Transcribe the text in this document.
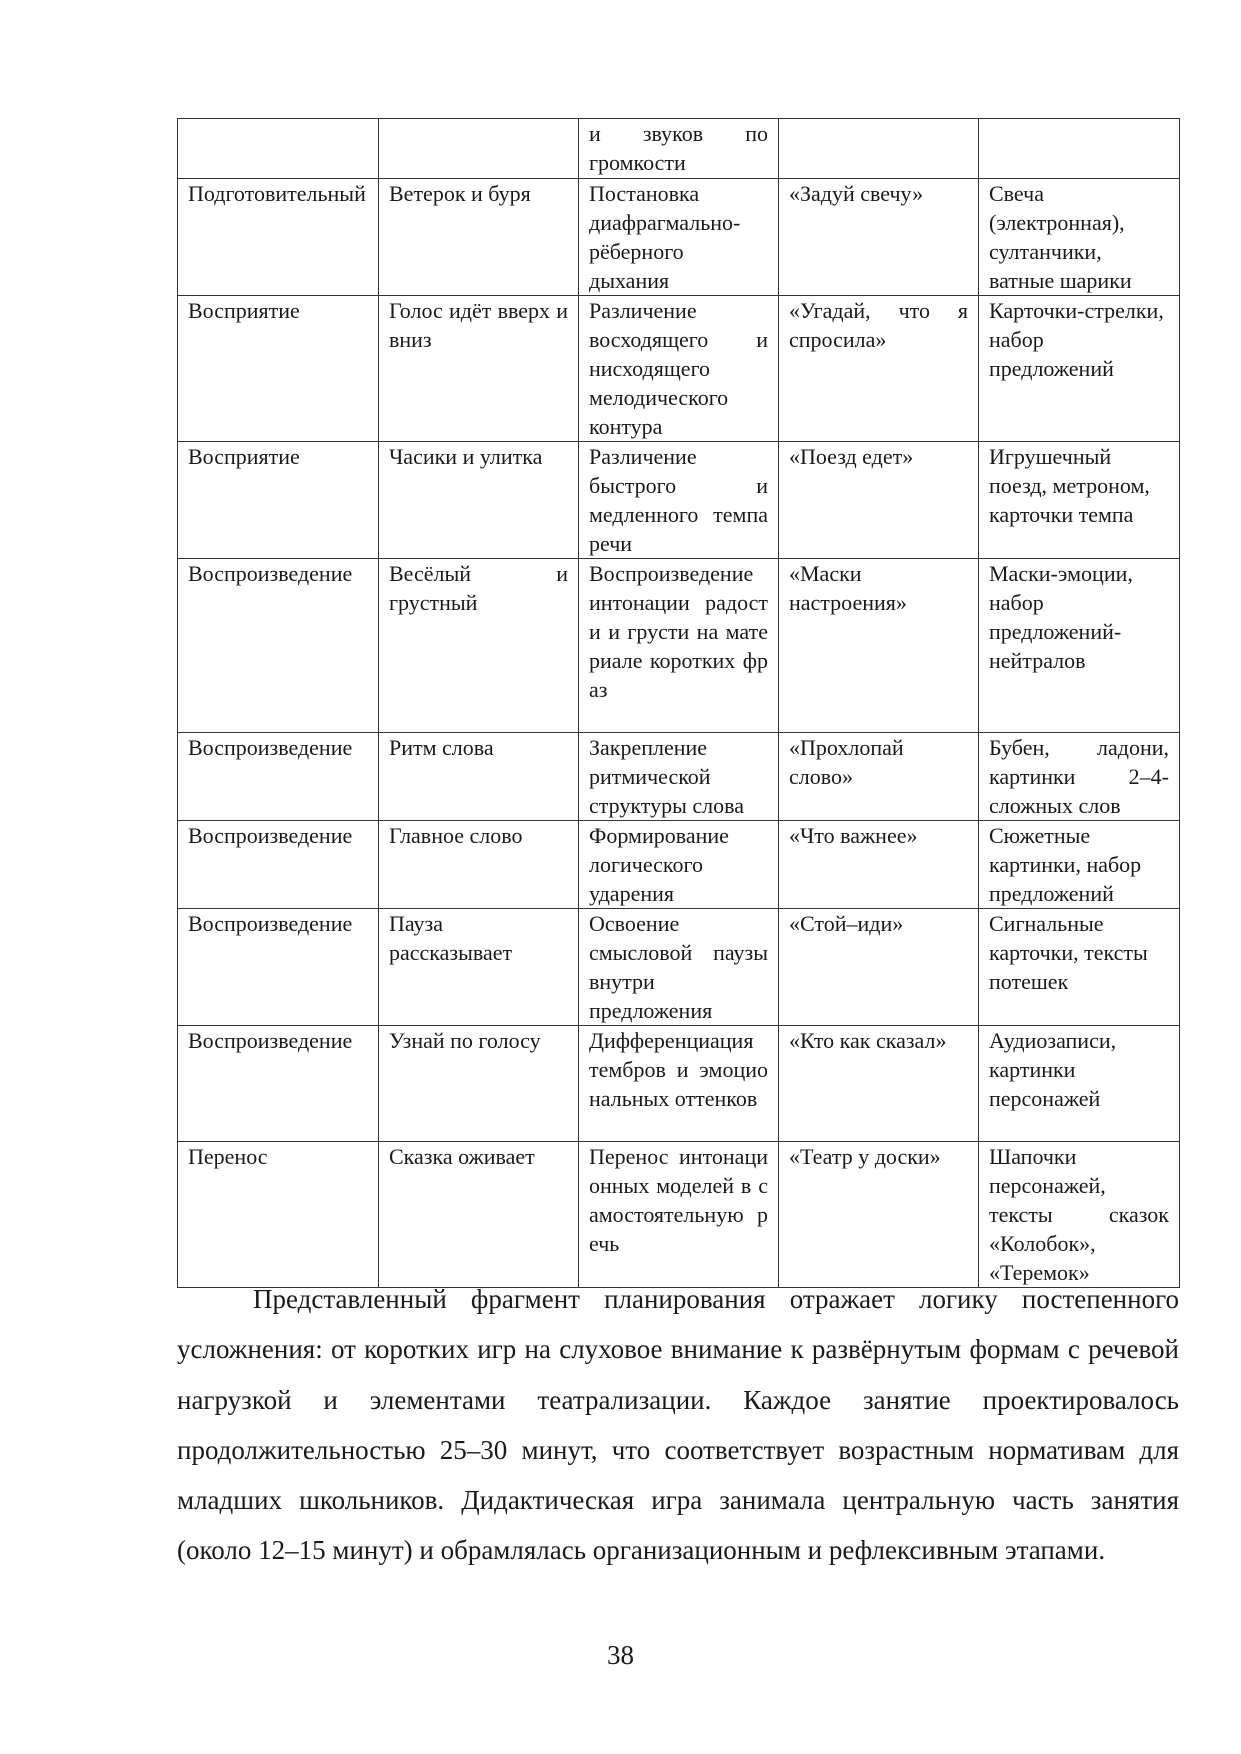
		и звуков по громкости		
Подготовительный	Ветерок и буря	Постановка диафрагмально-рёберного дыхания	«Задуй свечу»	Свеча (электронная), султанчики, ватные шарики
Восприятие	Голос идёт вверх и вниз	Различение восходящего и нисходящего мелодического контура	«Угадай, что я спросила»	Карточки-стрелки, набор предложений
Восприятие	Часики и улитка	Различение быстрого и медленного темпа речи	«Поезд едет»	Игрушечный поезд, метроном, карточки темпа
Воспроизведение	Весёлый и грустный	Воспроизведение интонации радости и грусти на материале коротких фраз	«Маски настроения»	Маски-эмоции, набор предложений-нейтралов
Воспроизведение	Ритм слова	Закрепление ритмической структуры слова	«Прохлопай слово»	Бубен, ладони, картинки 2–4-сложных слов
Воспроизведение	Главное слово	Формирование логического ударения	«Что важнее»	Сюжетные картинки, набор предложений
Воспроизведение	Пауза рассказывает	Освоение смысловой паузы внутри предложения	«Стой–иди»	Сигнальные карточки, тексты потешек
Воспроизведение	Узнай по голосу	Дифференциация тембров и эмоциональных оттенков	«Кто как сказал»	Аудиозаписи, картинки персонажей
Перенос	Сказка оживает	Перенос интонационных моделей в самостоятельную речь	«Театр у доски»	Шапочки персонажей, тексты сказок «Колобок», «Теремок»

Представленный фрагмент планирования отражает логику постепенного усложнения: от коротких игр на слуховое внимание к развёрнутым формам с речевой нагрузкой и элементами театрализации. Каждое занятие проектировалось продолжительностью 25–30 минут, что соответствует возрастным нормативам для младших школьников. Дидактическая игра занимала центральную часть занятия (около 12–15 минут) и обрамлялась организационным и рефлексивным этапами.

38
